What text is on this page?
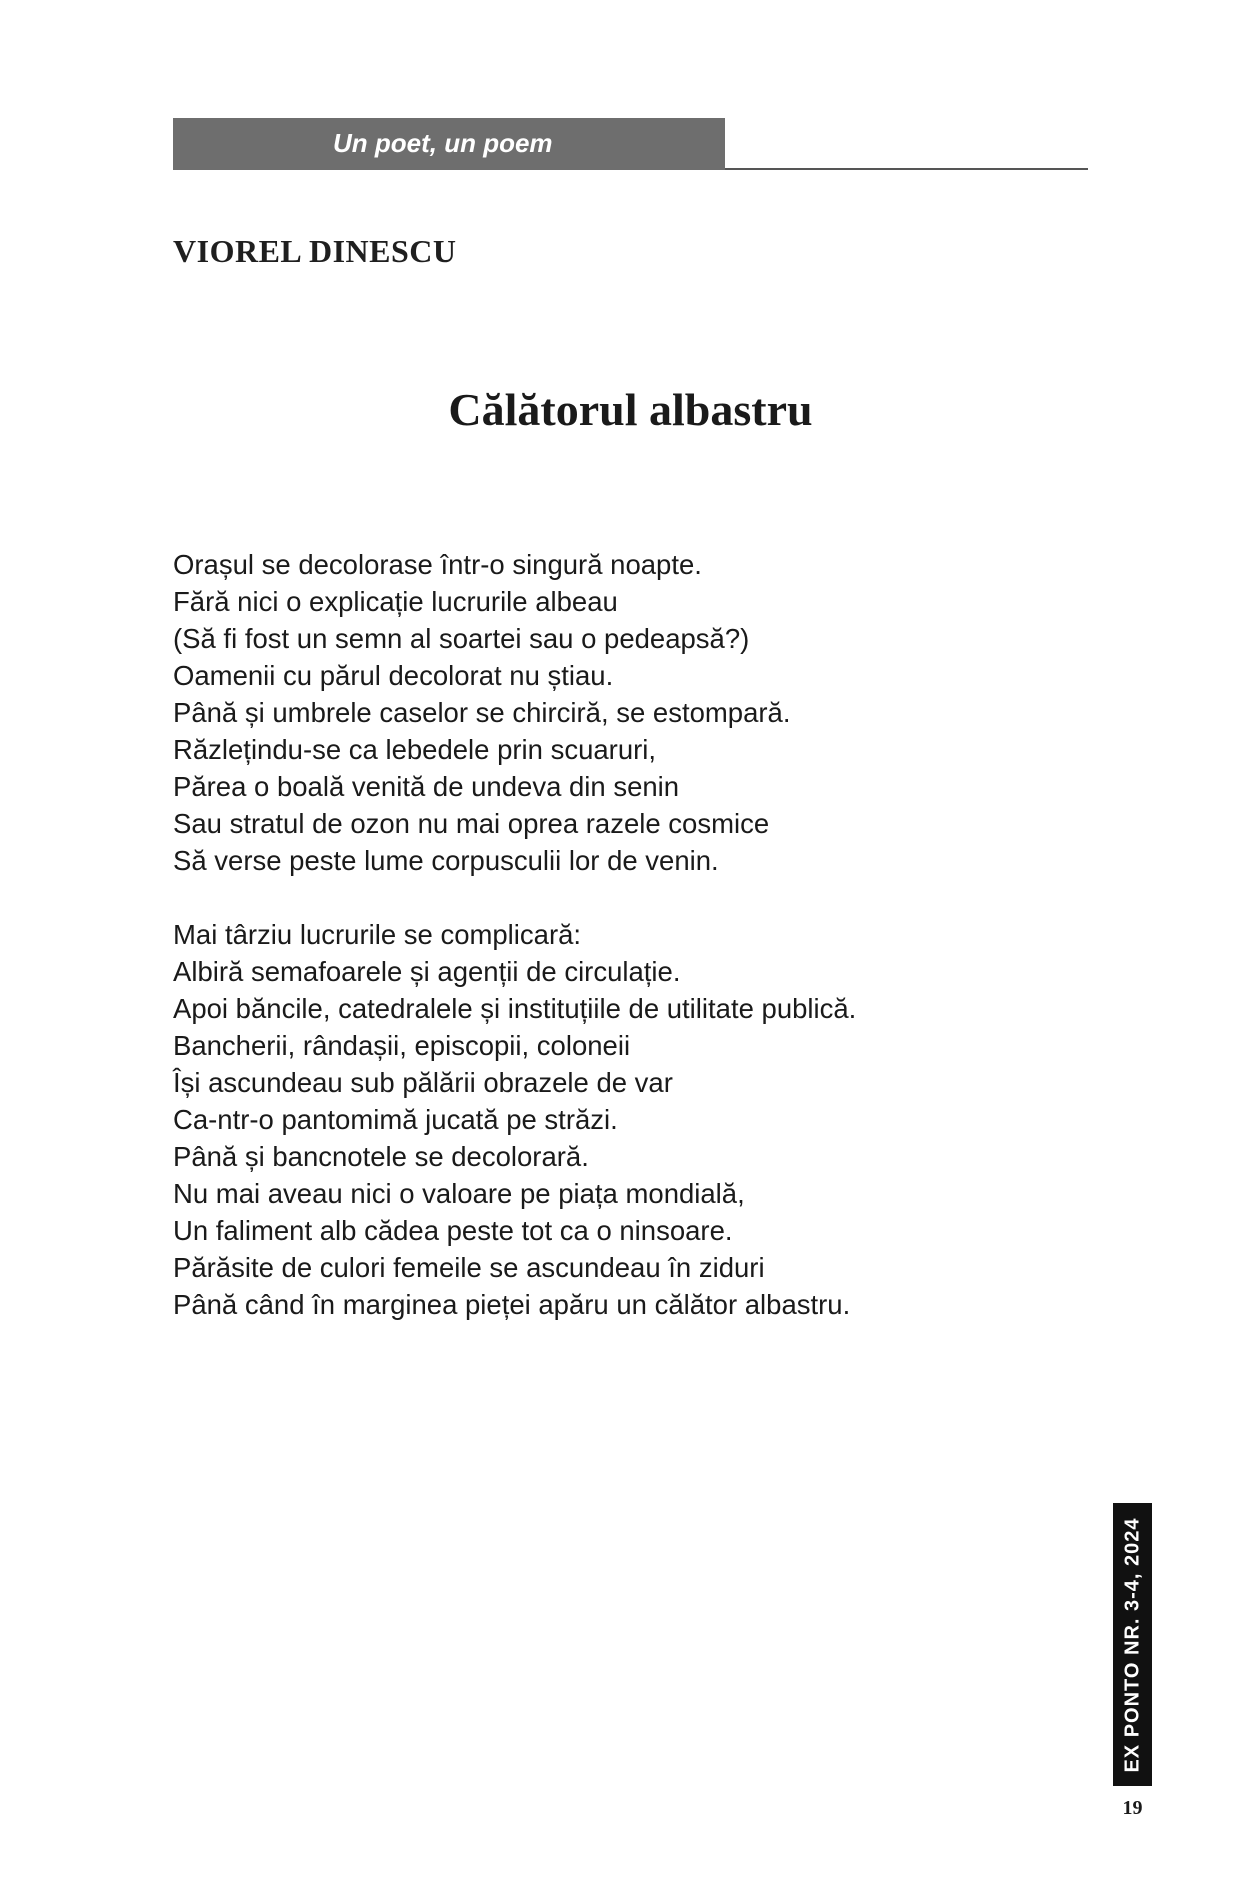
Un poet, un poem
VIOREL DINESCU
Călătorul albastru
Orașul se decolorase într-o singură noapte.
Fără nici o explicație lucrurile albeau
(Să fi fost un semn al soartei sau o pedeapsă?)
Oamenii cu părul decolorat nu știau.
Până și umbrele caselor se chirciră, se estompară.
Răzlețindu-se ca lebedele prin scuaruri,
Părea o boală venită de undeva din senin
Sau stratul de ozon nu mai oprea razele cosmice
Să verse peste lume corpusculii lor de venin.
Mai târziu lucrurile se complicară:
Albiră semafoarele și agenții de circulație.
Apoi băncile, catedralele și instituțiile de utilitate publică.
Bancherii, rândașii, episcopii, coloneii
Își ascundeau sub pălării obrazele de var
Ca-ntr-o pantomimă jucată pe străzi.
Până și bancnotele se decolorară.
Nu mai aveau nici o valoare pe piața mondială,
Un faliment alb cădea peste tot ca o ninsoare.
Părăsite de culori femeile se ascundeau în ziduri
Până când în marginea pieței apăru un călător albastru.
EX PONTO NR. 3-4, 2024
19
